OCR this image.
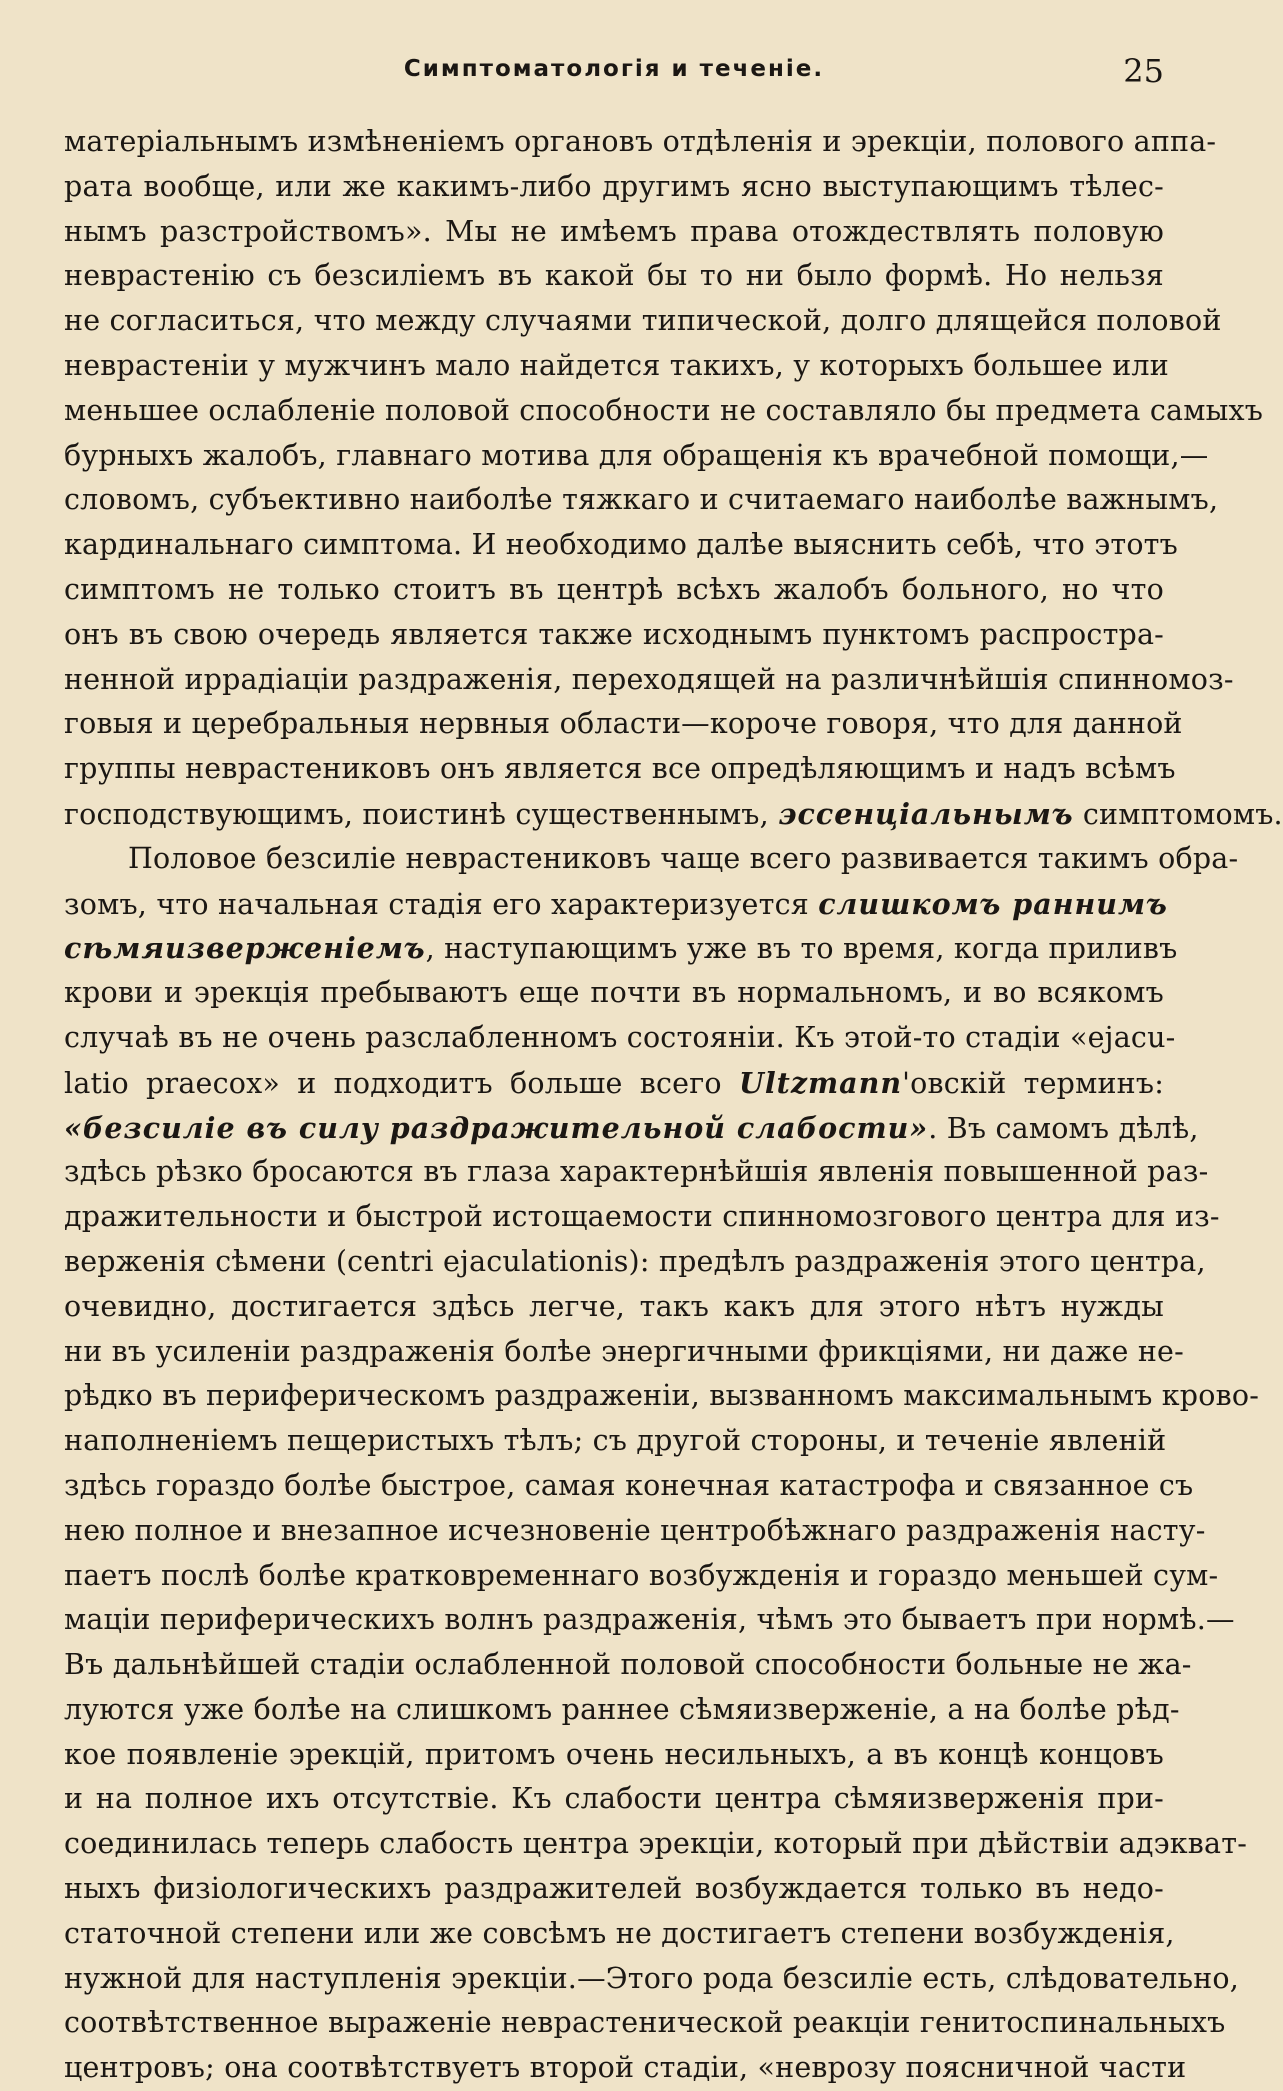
Симптоматологія и теченіе.	25
матеріальнымъ измѣненіемъ органовъ отдѣленія и эрекціи, полового аппа-
рата вообще, или же какимъ-либо другимъ ясно выступающимъ тѣлес-
нымъ разстройствомъ». Мы не имѣемъ права отождествлять половую
неврастенію съ безсиліемъ въ какой бы то ни было формѣ. Но нельзя
не согласиться, что между случаями типической, долго длящейся половой
неврастеніи у мужчинъ мало найдется такихъ, у которыхъ большее или
меньшее ослабленіе половой способности не составляло бы предмета самыхъ
бурныхъ жалобъ, главнаго мотива для обращенія къ врачебной помощи,—
словомъ, субъективно наиболѣе тяжкаго и считаемаго наиболѣе важнымъ,
кардинальнаго симптома. И необходимо далѣе выяснить себѣ, что этотъ
симптомъ не только стоитъ въ центрѣ всѣхъ жалобъ больного, но что
онъ въ свою очередь является также исходнымъ пунктомъ распростра-
ненной иррадіаціи раздраженія, переходящей на различнѣйшія спинномоз-
говыя и церебральныя нервныя области—короче говоря, что для данной
группы неврастениковъ онъ является все опредѣляющимъ и надъ всѣмъ
господствующимъ, поистинѣ существеннымъ, эссенціальнымъ симптомомъ.
Половое безсиліе неврастениковъ чаще всего развивается такимъ обра-
зомъ, что начальная стадія его характеризуется слишкомъ раннимъ
сѣмяизверженіемъ, наступающимъ уже въ то время, когда приливъ
крови и эрекція пребываютъ еще почти въ нормальномъ, и во всякомъ
случаѣ въ не очень разслабленномъ состояніи. Къ этой-то стадіи «ejacu-
latio praecox» и подходитъ больше всего Ultzmann'овскій терминъ:
«безсиліе въ силу раздражительной слабости». Въ самомъ дѣлѣ,
здѣсь рѣзко бросаются въ глаза характернѣйшія явленія повышенной раз-
дражительности и быстрой истощаемости спинномозгового центра для из-
верженія сѣмени (centri ejaculationis): предѣлъ раздраженія этого центра,
очевидно, достигается здѣсь легче, такъ какъ для этого нѣтъ нужды
ни въ усиленіи раздраженія болѣе энергичными фрикціями, ни даже не-
рѣдко въ периферическомъ раздраженіи, вызванномъ максимальнымъ крово-
наполненіемъ пещеристыхъ тѣлъ; съ другой стороны, и теченіе явленій
здѣсь гораздо болѣе быстрое, самая конечная катастрофа и связанное съ
нею полное и внезапное исчезновеніе центробѣжнаго раздраженія насту-
паетъ послѣ болѣе кратковременнаго возбужденія и гораздо меньшей сум-
маціи периферическихъ волнъ раздраженія, чѣмъ это бываетъ при нормѣ.—
Въ дальнѣйшей стадіи ослабленной половой способности больные не жа-
луются уже болѣе на слишкомъ раннее сѣмяизверженіе, а на болѣе рѣд-
кое появленіе эрекцій, притомъ очень несильныхъ, а въ концѣ концовъ
и на полное ихъ отсутствіе. Къ слабости центра сѣмяизверженія при-
соединилась теперь слабость центра эрекціи, который при дѣйствіи адэкват-
ныхъ физіологическихъ раздражителей возбуждается только въ недо-
статочной степени или же совсѣмъ не достигаетъ степени возбужденія,
нужной для наступленія эрекціи.—Этого рода безсиліе есть, слѣдовательно,
соотвѣтственное выраженіе неврастенической реакціи генитоспинальныхъ
центровъ; она соотвѣтствуетъ второй стадіи, «неврозу поясничной части
